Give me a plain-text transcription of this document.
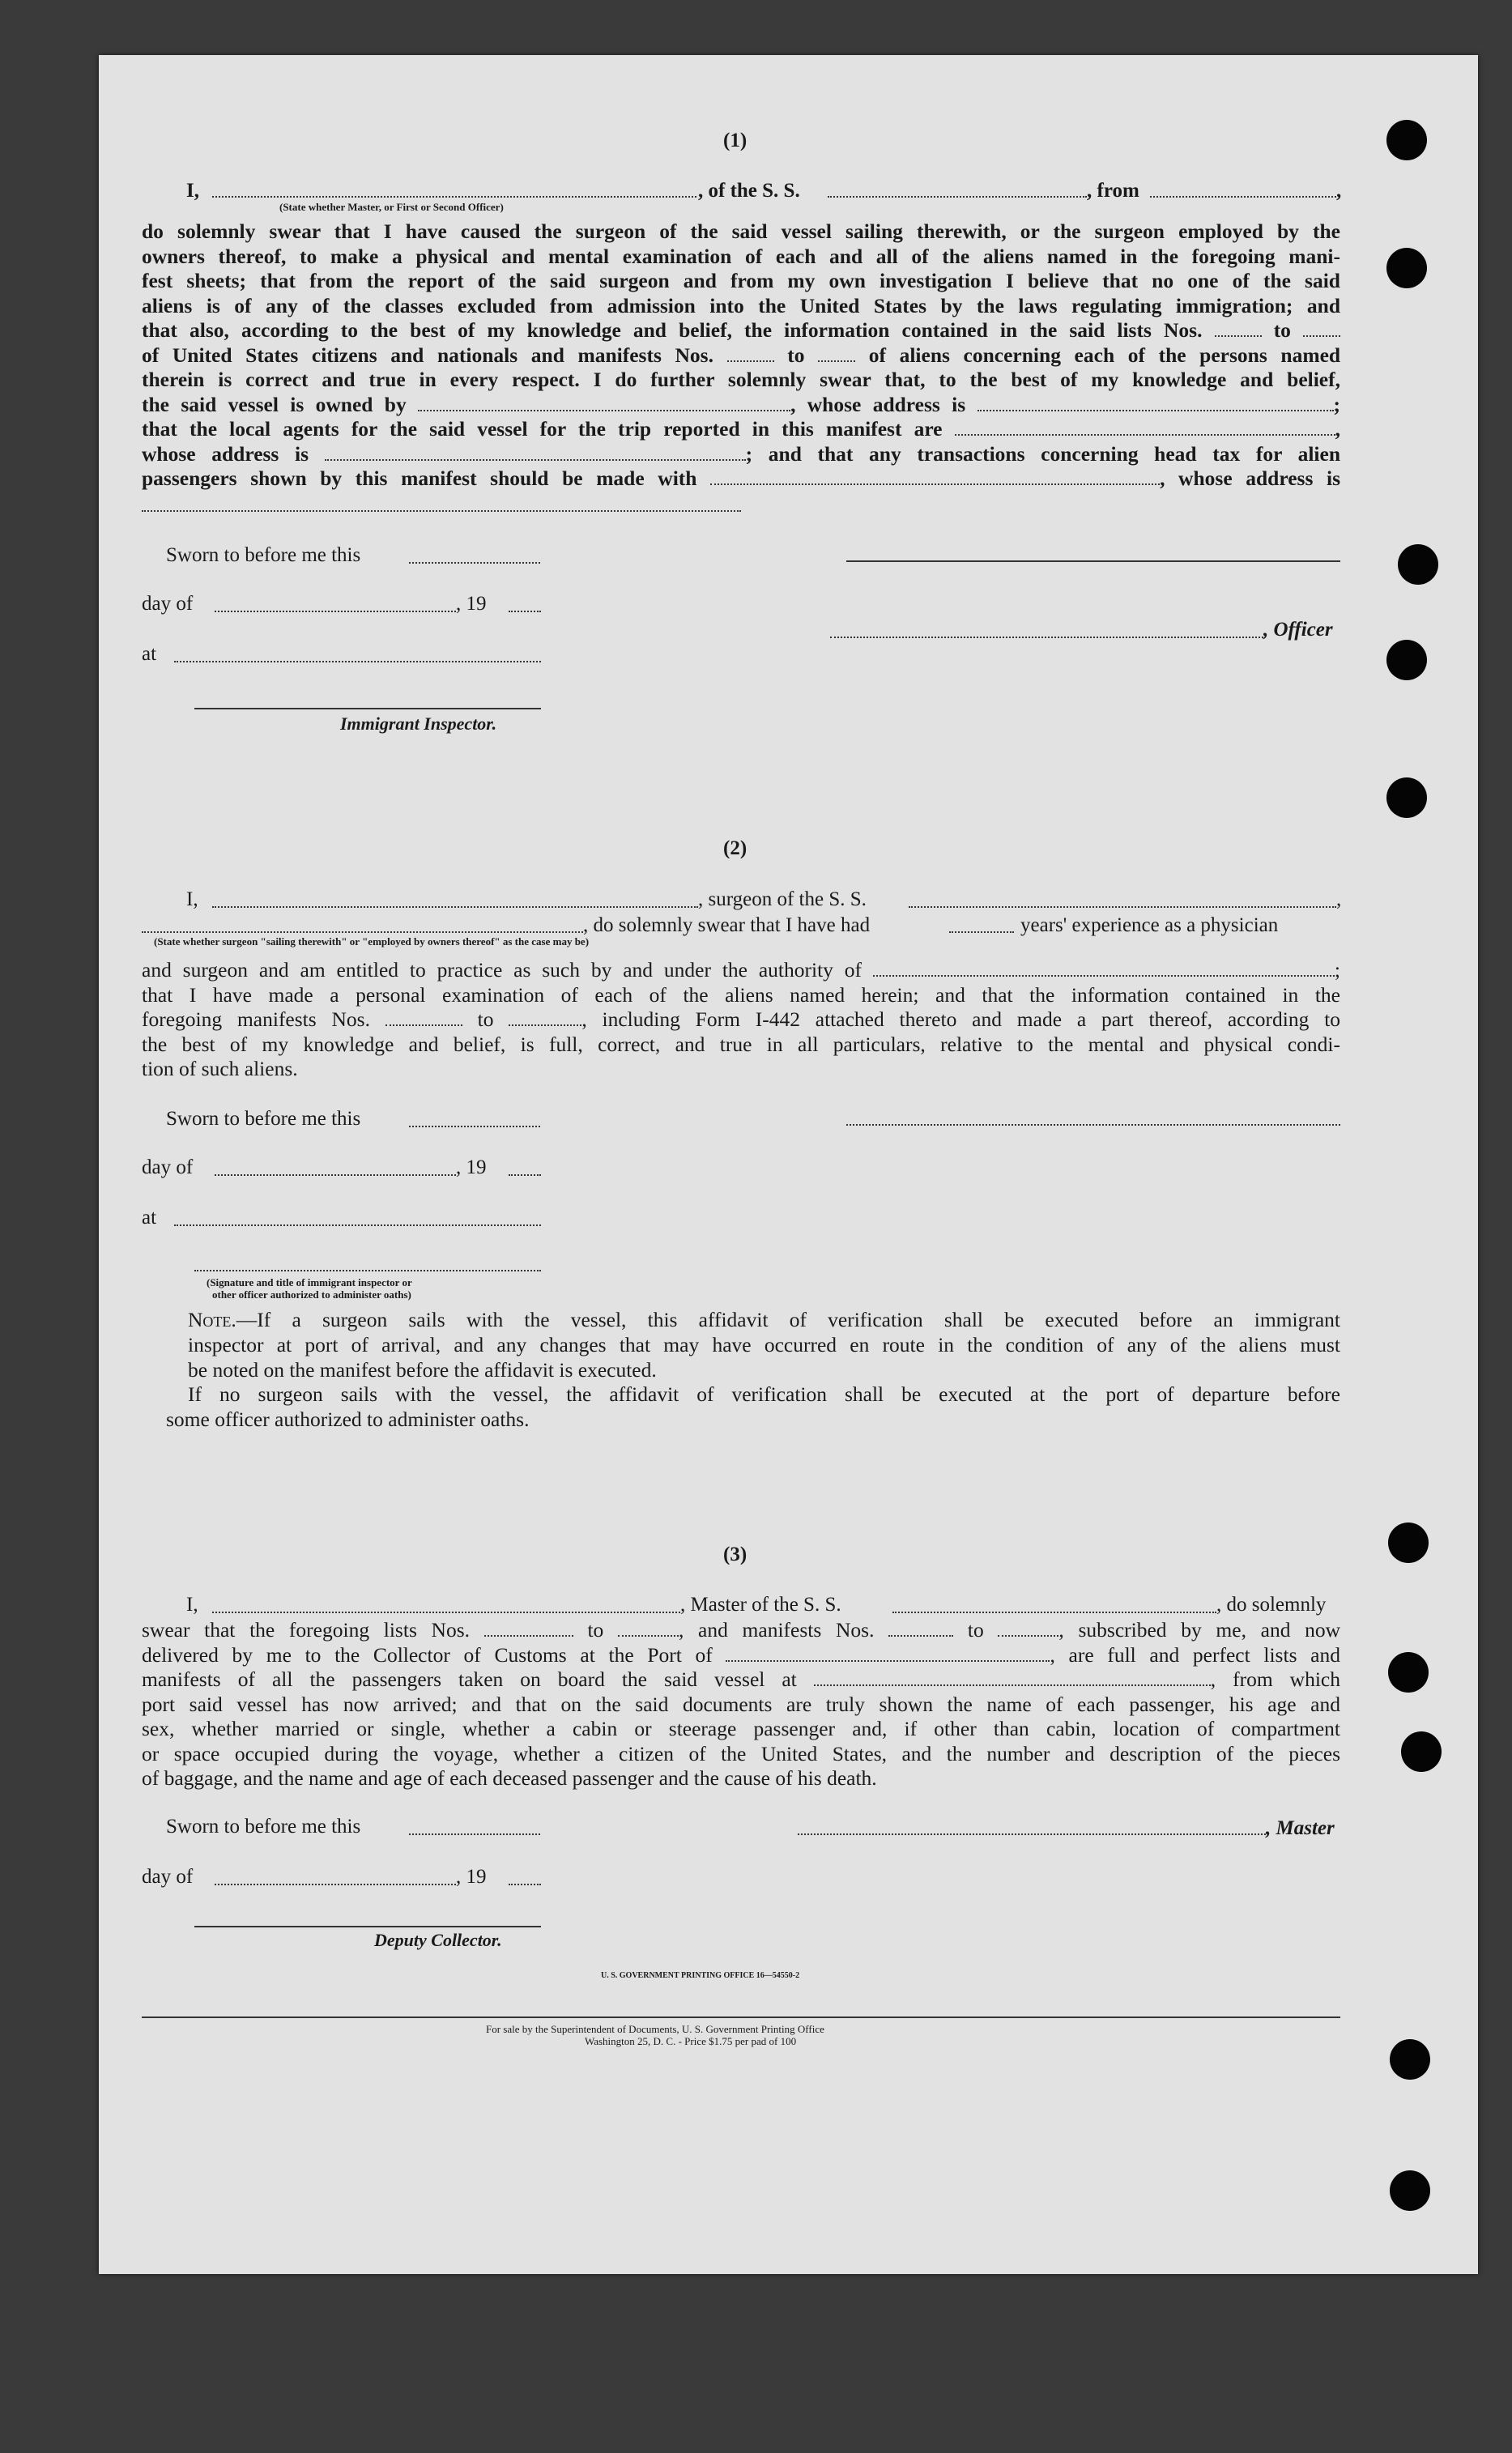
(1)
I,	, of the S. S.	, from	,
(State whether Master, or First or Second Officer)
do solemnly swear that I have caused the surgeon of the said vessel sailing therewith, or the surgeon employed by the
owners thereof, to make a physical and mental examination of each and all of the aliens named in the foregoing mani-
fest sheets; that from the report of the said surgeon and from my own investigation I believe that no one of the said
aliens is of any of the classes excluded from admission into the United States by the laws regulating immigration; and
that also, according to the best of my knowledge and belief, the information contained in the said lists Nos.	to
of United States citizens and nationals and manifests Nos.	to	of aliens concerning each of the persons named
therein is correct and true in every respect. I do further solemnly swear that, to the best of my knowledge and belief,
the said vessel is owned by	, whose address is	;
that the local agents for the said vessel for the trip reported in this manifest are	,
whose address is	; and that any transactions concerning head tax for alien
passengers shown by this manifest should be made with	, whose address is
Sworn to before me this
day of	, 19
, Officer
at
Immigrant Inspector.
(2)
I,	, surgeon of the S. S.	,
, do solemnly swear that I have had	years' experience as a physician
(State whether surgeon "sailing therewith" or "employed by owners thereof" as the case may be)
and surgeon and am entitled to practice as such by and under the authority of	;
that I have made a personal examination of each of the aliens named herein; and that the information contained in the
foregoing manifests Nos.	to	, including Form I-442 attached thereto and made a part thereof, according to
the best of my knowledge and belief, is full, correct, and true in all particulars, relative to the mental and physical condi-
tion of such aliens.
Sworn to before me this
day of	, 19
at
(Signature and title of immigrant inspector or
other officer authorized to administer oaths)
Note.—If a surgeon sails with the vessel, this affidavit of verification shall be executed before an immigrant
inspector at port of arrival, and any changes that may have occurred en route in the condition of any of the aliens must
be noted on the manifest before the affidavit is executed.
If no surgeon sails with the vessel, the affidavit of verification shall be executed at the port of departure before
some officer authorized to administer oaths.
(3)
I,	, Master of the S. S.	, do solemnly
swear that the foregoing lists Nos.	to	, and manifests Nos.	to	, subscribed by me, and now
delivered by me to the Collector of Customs at the Port of	, are full and perfect lists and
manifests of all the passengers taken on board the said vessel at	, from which
port said vessel has now arrived; and that on the said documents are truly shown the name of each passenger, his age and
sex, whether married or single, whether a cabin or steerage passenger and, if other than cabin, location of compartment
or space occupied during the voyage, whether a citizen of the United States, and the number and description of the pieces
of baggage, and the name and age of each deceased passenger and the cause of his death.
Sworn to before me this	, Master
day of	, 19
Deputy Collector.
U. S. GOVERNMENT PRINTING OFFICE 16—54550-2
For sale by the Superintendent of Documents, U. S. Government Printing Office
Washington 25, D. C. - Price $1.75 per pad of 100
